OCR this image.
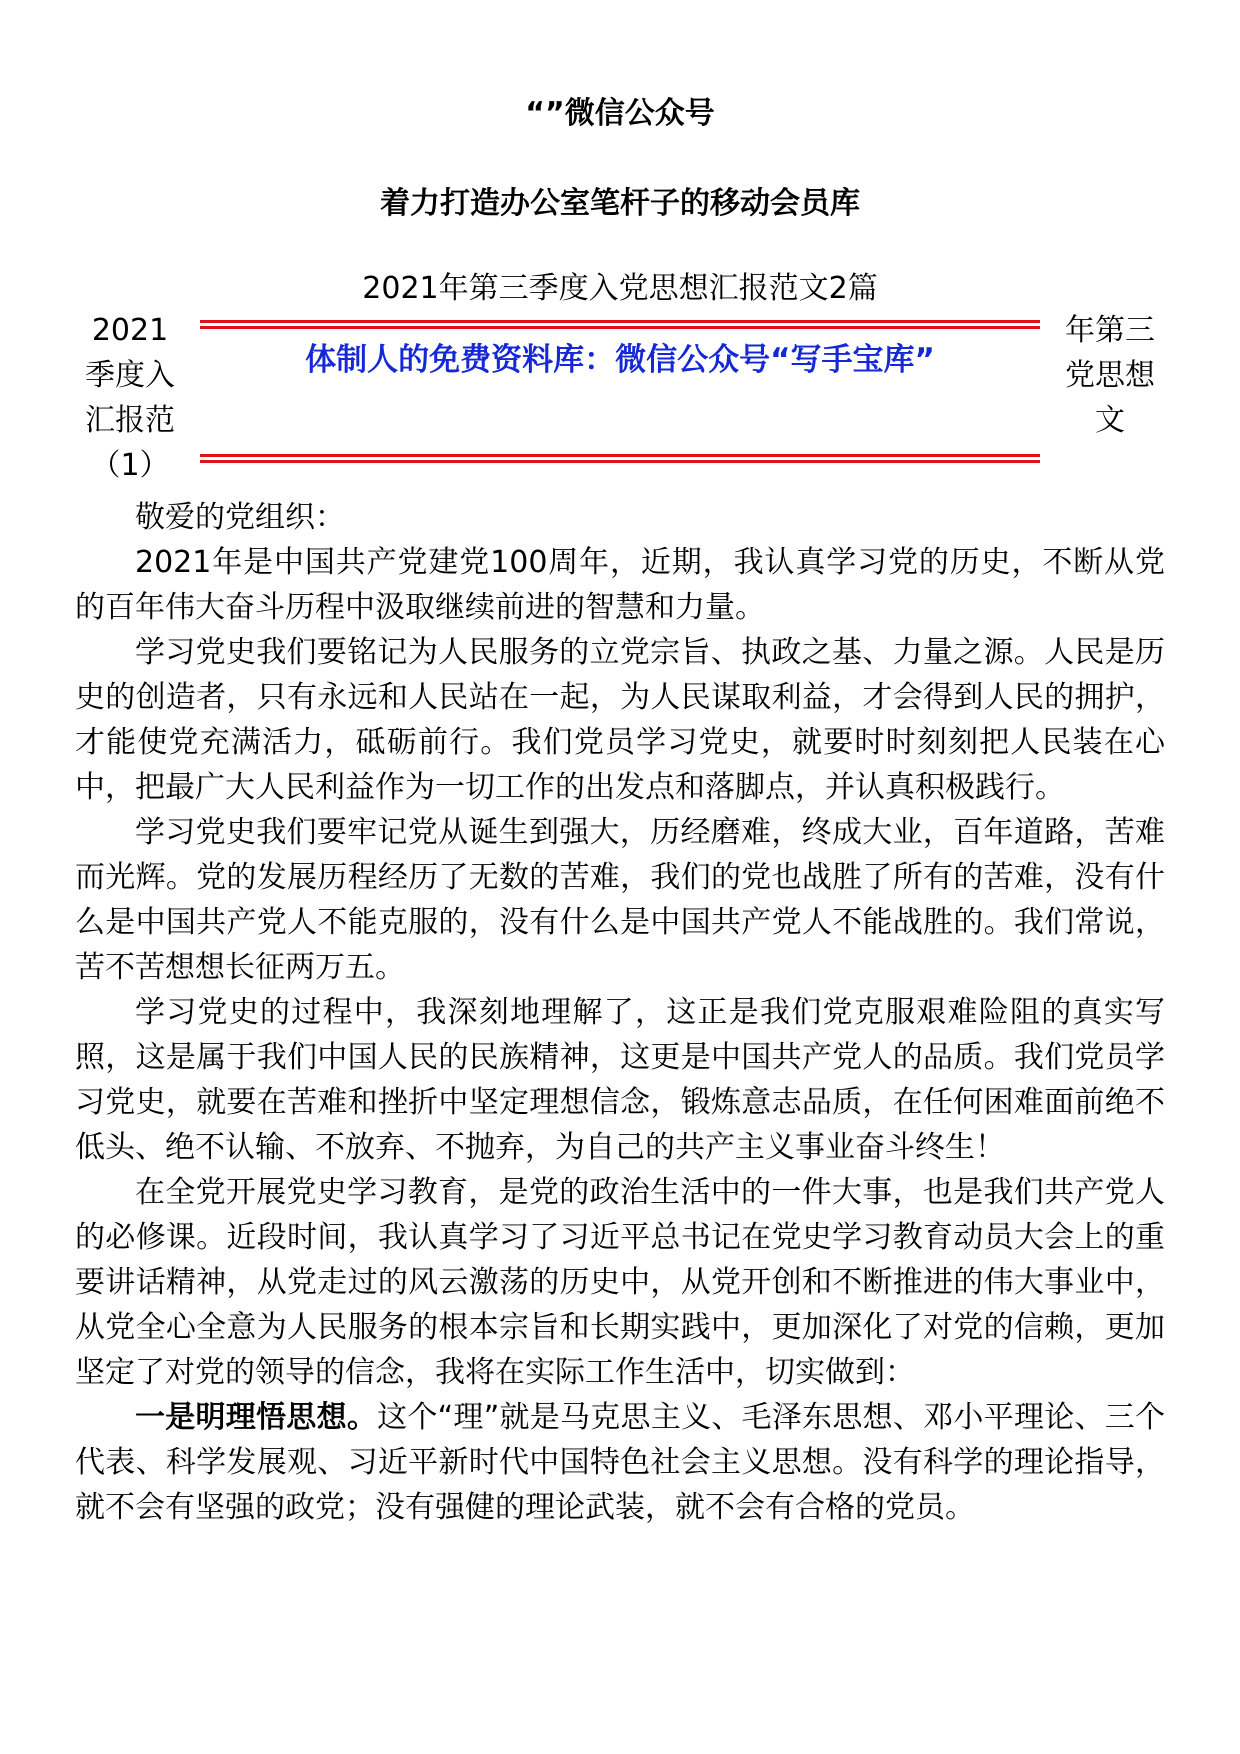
“”微信公众号
着力打造办公室笔杆子的移动会员库
2021年第三季度入党思想汇报范文2篇
2021
季度入
汇报范
（1）
年第三
党思想
文
体制人的免费资料库：微信公众号“写手宝库”

敬爱的党组织：

2021年是中国共产党建党100周年，近期，我认真学习党的历史，不断从党的百年伟大奋斗历程中汲取继续前进的智慧和力量。

学习党史我们要铭记为人民服务的立党宗旨、执政之基、力量之源。人民是历史的创造者，只有永远和人民站在一起，为人民谋取利益，才会得到人民的拥护，才能使党充满活力，砥砺前行。我们党员学习党史，就要时时刻刻把人民装在心中，把最广大人民利益作为一切工作的出发点和落脚点，并认真积极践行。

学习党史我们要牢记党从诞生到强大，历经磨难，终成大业，百年道路，苦难而光辉。党的发展历程经历了无数的苦难，我们的党也战胜了所有的苦难，没有什么是中国共产党人不能克服的，没有什么是中国共产党人不能战胜的。我们常说，苦不苦想想长征两万五。

学习党史的过程中，我深刻地理解了，这正是我们党克服艰难险阻的真实写照，这是属于我们中国人民的民族精神，这更是中国共产党人的品质。我们党员学习党史，就要在苦难和挫折中坚定理想信念，锻炼意志品质，在任何困难面前绝不低头、绝不认输、不放弃、不抛弃，为自己的共产主义事业奋斗终生！

在全党开展党史学习教育，是党的政治生活中的一件大事，也是我们共产党人的必修课。近段时间，我认真学习了习近平总书记在党史学习教育动员大会上的重要讲话精神，从党走过的风云激荡的历史中，从党开创和不断推进的伟大事业中，从党全心全意为人民服务的根本宗旨和长期实践中，更加深化了对党的信赖，更加坚定了对党的领导的信念，我将在实际工作生活中，切实做到：

一是明理悟思想。这个“理”就是马克思主义、毛泽东思想、邓小平理论、三个代表、科学发展观、习近平新时代中国特色社会主义思想。没有科学的理论指导，就不会有坚强的政党；没有强健的理论武装，就不会有合格的党员。
